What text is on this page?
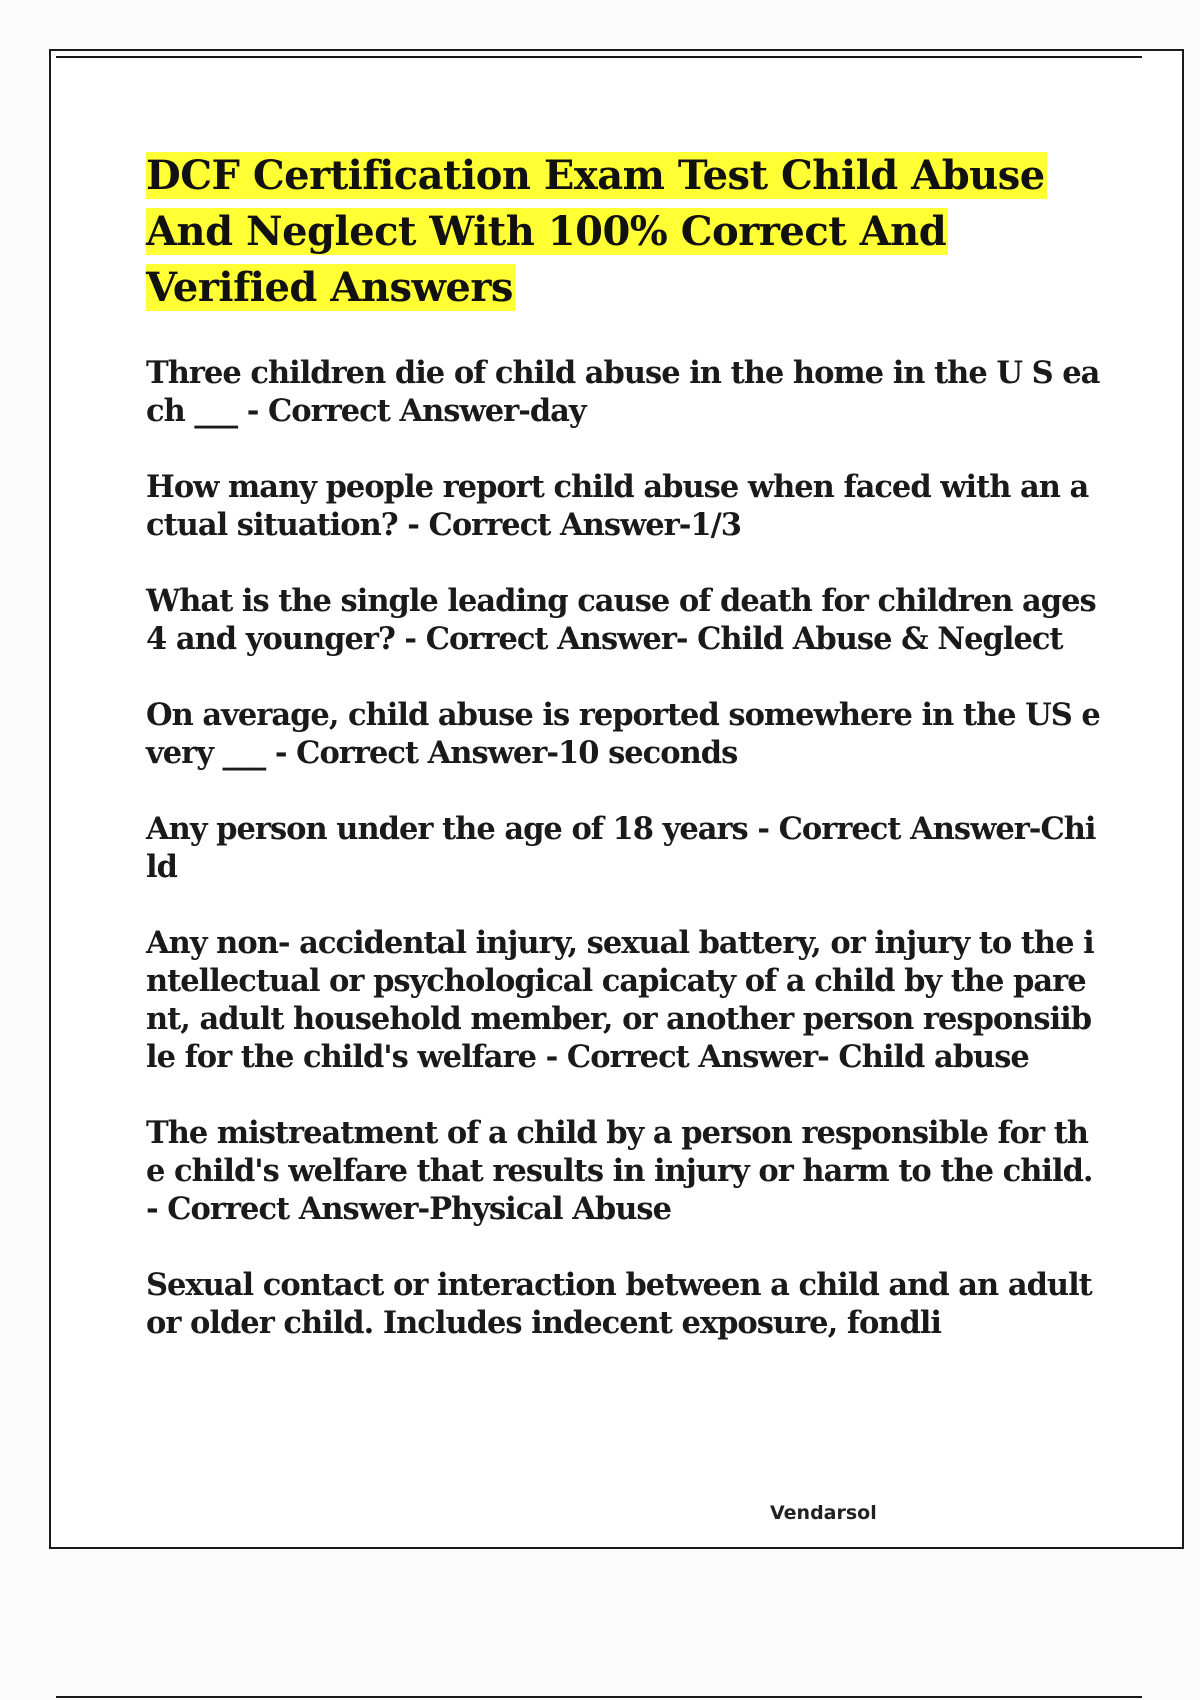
DCF Certification Exam Test Child Abuse And Neglect With 100% Correct And Verified Answers
Three children die of child abuse in the home in the U S each ___ - Correct Answer-day
How many people report child abuse when faced with an actual situation? - Correct Answer-1/3
What is the single leading cause of death for children ages 4 and younger? - Correct Answer- Child Abuse & Neglect
On average, child abuse is reported somewhere in the US every ___ - Correct Answer-10 seconds
Any person under the age of 18 years - Correct Answer-Child
Any non- accidental injury, sexual battery, or injury to the intellectual or psychological capicaty of a child by the parent, adult household member, or another person responsiible for the child's welfare - Correct Answer- Child abuse
The mistreatment of a child by a person responsible for the child's welfare that results in injury or harm to the child. - Correct Answer-Physical Abuse
Sexual contact or interaction between a child and an adult or older child. Includes indecent exposure, fondli
Vendarsol
